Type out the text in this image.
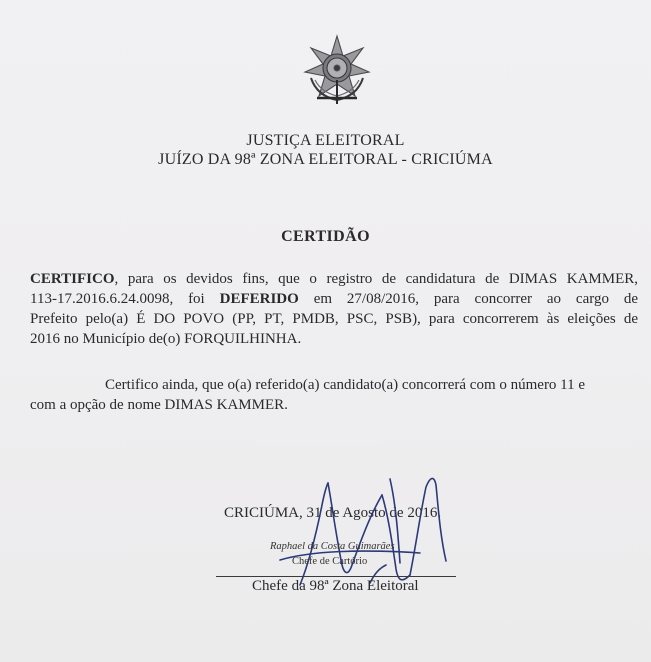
JUSTIÇA ELEITORAL
JUÍZO DA 98ª ZONA ELEITORAL - CRICIÚMA
CERTIDÃO
CERTIFICO, para os devidos fins, que o registro de candidatura de DIMAS KAMMER,
113-17.2016.6.24.0098, foi DEFERIDO em 27/08/2016, para concorrer ao cargo de
Prefeito pelo(a) É DO POVO (PP, PT, PMDB, PSC, PSB), para concorrerem às eleições de
2016 no Município de(o) FORQUILHINHA.
Certifico ainda, que o(a) referido(a) candidato(a) concorrerá com o número 11 e
com a opção de nome DIMAS KAMMER.
CRICIÚMA, 31 de Agosto de 2016.
Raphael da Costa Guimarães
Chefe de Cartório
Chefe da 98ª Zona Eleitoral
